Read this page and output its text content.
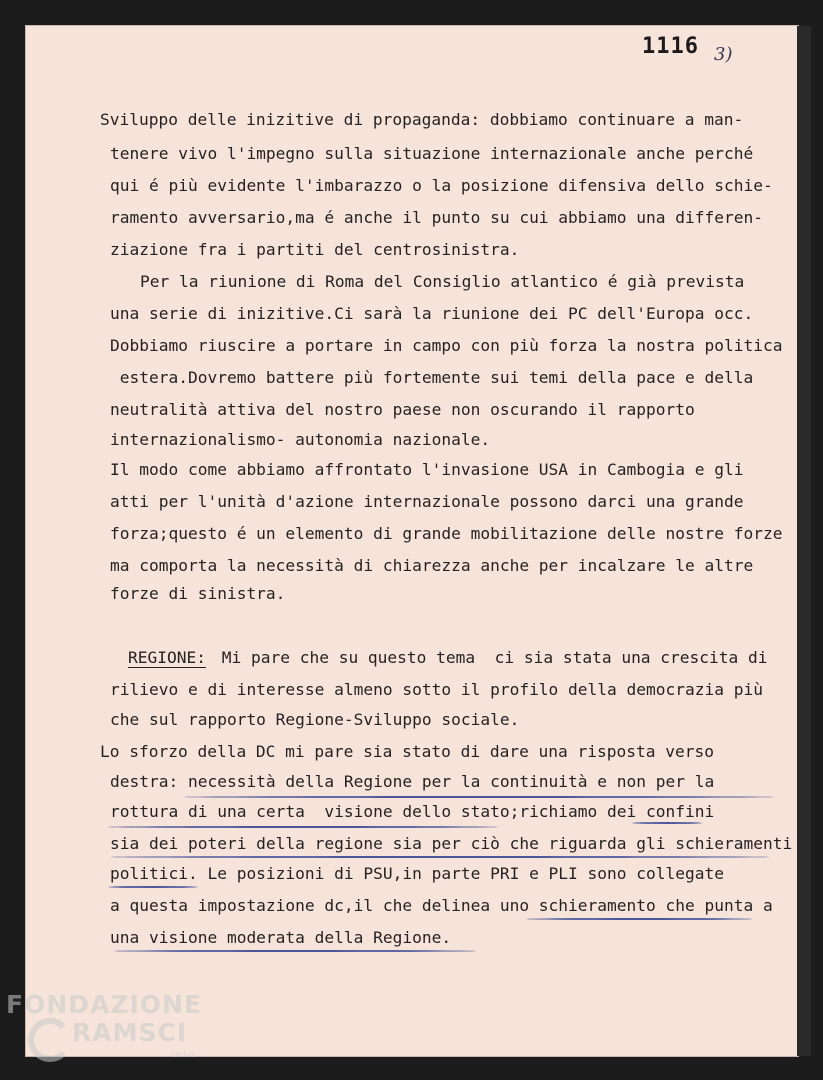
1116 3)
Sviluppo delle inizitive di propaganda: dobbiamo continuare a man-
tenere vivo l'impegno sulla situazione internazionale anche perché
qui é più evidente l'imbarazzo o la posizione difensiva dello schie-
ramento avversario,ma é anche il punto su cui abbiamo una differen-
ziazione fra i partiti del centrosinistra.
Per la riunione di Roma del Consiglio atlantico é già prevista
una serie di inizitive.Ci sarà la riunione dei PC dell'Europa occ.
Dobbiamo riuscire a portare in campo con più forza la nostra politica
estera.Dovremo battere più fortemente sui temi della pace e della
neutralità attiva del nostro paese non oscurando il rapporto
internazionalismo- autonomia nazionale.
Il modo come abbiamo affrontato l'invasione USA in Cambogia e gli
atti per l'unità d'azione internazionale possono darci una grande
forza;questo é un elemento di grande mobilitazione delle nostre forze
ma comporta la necessità di chiarezza anche per incalzare le altre
forze di sinistra.
REGIONE: Mi pare che su questo tema  ci sia stata una crescita di
rilievo e di interesse almeno sotto il profilo della democrazia più
che sul rapporto Regione-Sviluppo sociale.
Lo sforzo della DC mi pare sia stato di dare una risposta verso
destra: necessità della Regione per la continuità e non per la
rottura di una certa  visione dello stato;richiamo dei confini
sia dei poteri della regione sia per ciò che riguarda gli schieramenti
politici. Le posizioni di PSU,in parte PRI e PLI sono collegate
a questa impostazione dc,il che delinea uno schieramento che punta a
una visione moderata della Regione.
FONDAZIONE
RAMSCI
onlus
